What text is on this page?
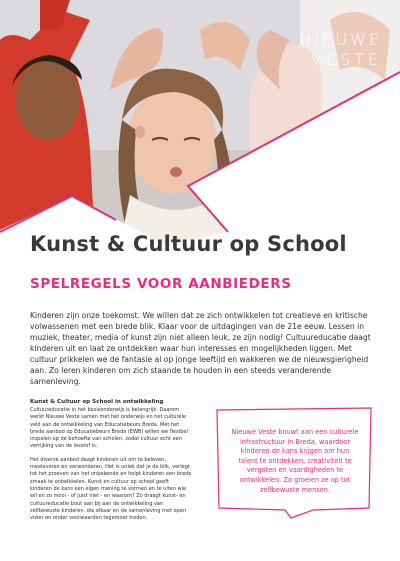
NIEUWE
VESTE
Kunst & Cultuur op School
SPELREGELS VOOR AANBIEDERS

Kinderen zijn onze toekomst. We willen dat ze zich ontwikkelen tot creatieve en kritische volwassenen met een brede blik. Klaar voor de uitdagingen van de 21e eeuw. Lessen in muziek, theater, media of kunst zijn niet alleen leuk, ze zijn nodig! Cultuureducatie daagt kinderen uit en laat ze ontdekken waar hun interesses en mogelijkheden liggen. Met cultuur prikkelen we de fantasie al op jonge leeftijd en wakkeren we de nieuwsgierigheid aan. Zo leren kinderen om zich staande te houden in een steeds veranderende samenleving.

Kunst & Cultuur op School in ontwikkeling

Cultuureducatie in het basisonderwijs is belangrijk. Daarom werkt Nieuwe Veste samen met het onderwijs en het culturele veld aan de ontwikkeling van Educatiebeurs Breda. Met het brede aanbod op Educatiebeurs Breda (EWB) willen we flexibel inspelen op de behoefte van scholen, zodat cultuur echt een verrijking van de lesstof is.

Het diverse aanbod daagt kinderen uit om te beleven, meeleveren en verwonderen. Het is uniek dat je de blik, verlegt tot het proeven van het onbekende en helpt kinderen een brede smaak te ontwikkelen. Kunst en cultuur op school geeft kinderen de kans een eigen mening te vormen en te uiten wie wil en zo mooi - of juist niet - en waarom? Zo draagt kunst- en cultuureducatie bout aan bij aan de ontwikkeling van zelfbewuste kinderen, die elkaar en de samenleving met open vizier en onder voorwaarden tegemoet treden.

Nieuwe Veste bouwt aan een culturele infrastructuur in Breda, waardoor kinderen de kans krijgen om hun talent te ontdekken, creativiteit te vergoten en vaardigheden te ontwikkelen. Zo groeien ze op tot zelfbewuste mensen.
